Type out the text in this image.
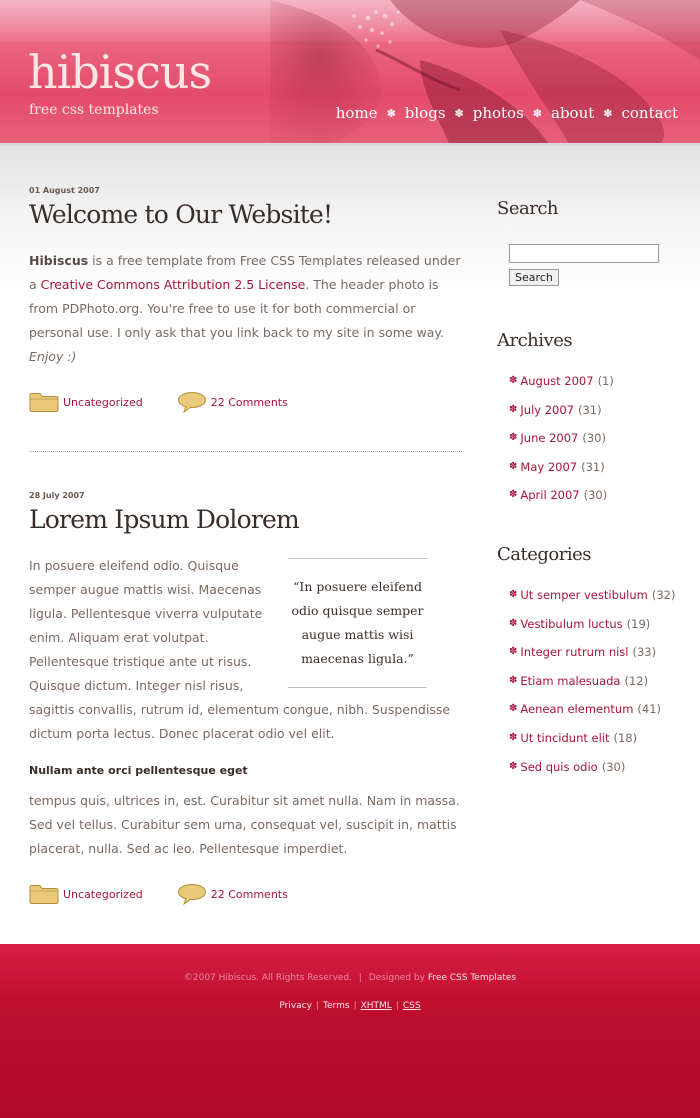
hibiscus
free css templates	home ✽ blogs ✽ photos ✽ about ✽ contact
01 August 2007
Welcome to Our Website!
Hibiscus is a free template from Free CSS Templates released under a Creative Commons Attribution 2.5 License. The header photo is from PDPhoto.org. You're free to use it for both commercial or personal use. I only ask that you link back to my site in some way. Enjoy :)
Uncategorized	22 Comments
28 July 2007
Lorem Ipsum Dolorem
“In posuere eleifend odio quisque semper augue mattis wisi maecenas ligula.”
In posuere eleifend odio. Quisque semper augue mattis wisi. Maecenas ligula. Pellentesque viverra vulputate enim. Aliquam erat volutpat. Pellentesque tristique ante ut risus. Quisque dictum. Integer nisl risus, sagittis convallis, rutrum id, elementum congue, nibh. Suspendisse dictum porta lectus. Donec placerat odio vel elit.
Nullam ante orci pellentesque eget
tempus quis, ultrices in, est. Curabitur sit amet nulla. Nam in massa. Sed vel tellus. Curabitur sem urna, consequat vel, suscipit in, mattis placerat, nulla. Sed ac leo. Pellentesque imperdiet.
Uncategorized	22 Comments
Search
Search
Archives
✽ August 2007 (1)
✽ July 2007 (31)
✽ June 2007 (30)
✽ May 2007 (31)
✽ April 2007 (30)
Categories
✽ Ut semper vestibulum (32)
✽ Vestibulum luctus (19)
✽ Integer rutrum nisl (33)
✽ Etiam malesuada (12)
✽ Aenean elementum (41)
✽ Ut tincidunt elit (18)
✽ Sed quis odio (30)
©2007 Hibiscus. All Rights Reserved. | Designed by Free CSS Templates
Privacy | Terms | XHTML | CSS
